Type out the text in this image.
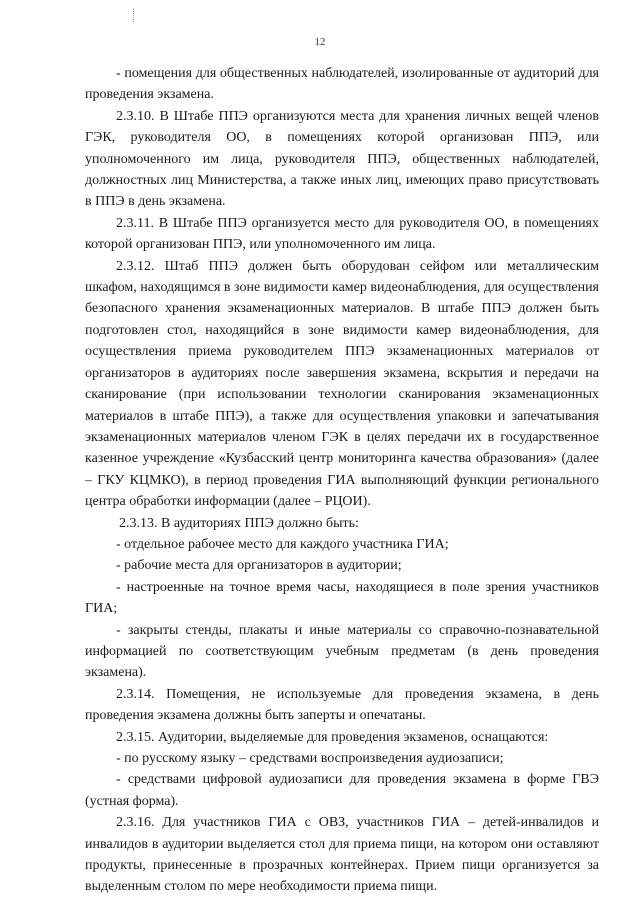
12

- помещения для общественных наблюдателей, изолированные от аудиторий для проведения экзамена.

2.3.10. В Штабе ППЭ организуются места для хранения личных вещей членов ГЭК, руководителя ОО, в помещениях которой организован ППЭ, или уполномоченного им лица, руководителя ППЭ, общественных наблюдателей, должностных лиц Министерства, а также иных лиц, имеющих право присутствовать в ППЭ в день экзамена.

2.3.11. В Штабе ППЭ организуется место для руководителя ОО, в помещениях которой организован ППЭ, или уполномоченного им лица.

2.3.12. Штаб ППЭ должен быть оборудован сейфом или металлическим шкафом, находящимся в зоне видимости камер видеонаблюдения, для осуществления безопасного хранения экзаменационных материалов. В штабе ППЭ должен быть подготовлен стол, находящийся в зоне видимости камер видеонаблюдения, для осуществления приема руководителем ППЭ экзаменационных материалов от организаторов в аудиториях после завершения экзамена, вскрытия и передачи на сканирование (при использовании технологии сканирования экзаменационных материалов в штабе ППЭ), а также для осуществления упаковки и запечатывания экзаменационных материалов членом ГЭК в целях передачи их в государственное казенное учреждение «Кузбасский центр мониторинга качества образования» (далее – ГКУ КЦМКО), в период проведения ГИА выполняющий функции регионального центра обработки информации (далее – РЦОИ).

2.3.13. В аудиториях ППЭ должно быть:

- отдельное рабочее место для каждого участника ГИА;

- рабочие места для организаторов в аудитории;

- настроенные на точное время часы, находящиеся в поле зрения участников ГИА;

- закрыты стенды, плакаты и иные материалы со справочно-познавательной информацией по соответствующим учебным предметам (в день проведения экзамена).

2.3.14. Помещения, не используемые для проведения экзамена, в день проведения экзамена должны быть заперты и опечатаны.

2.3.15. Аудитории, выделяемые для проведения экзаменов, оснащаются:

- по русскому языку – средствами воспроизведения аудиозаписи;

- средствами цифровой аудиозаписи для проведения экзамена в форме ГВЭ (устная форма).

2.3.16. Для участников ГИА с ОВЗ, участников ГИА – детей-инвалидов и инвалидов в аудитории выделяется стол для приема пищи, на котором они оставляют продукты, принесенные в прозрачных контейнерах. Прием пищи организуется за выделенным столом по мере необходимости приема пищи.
